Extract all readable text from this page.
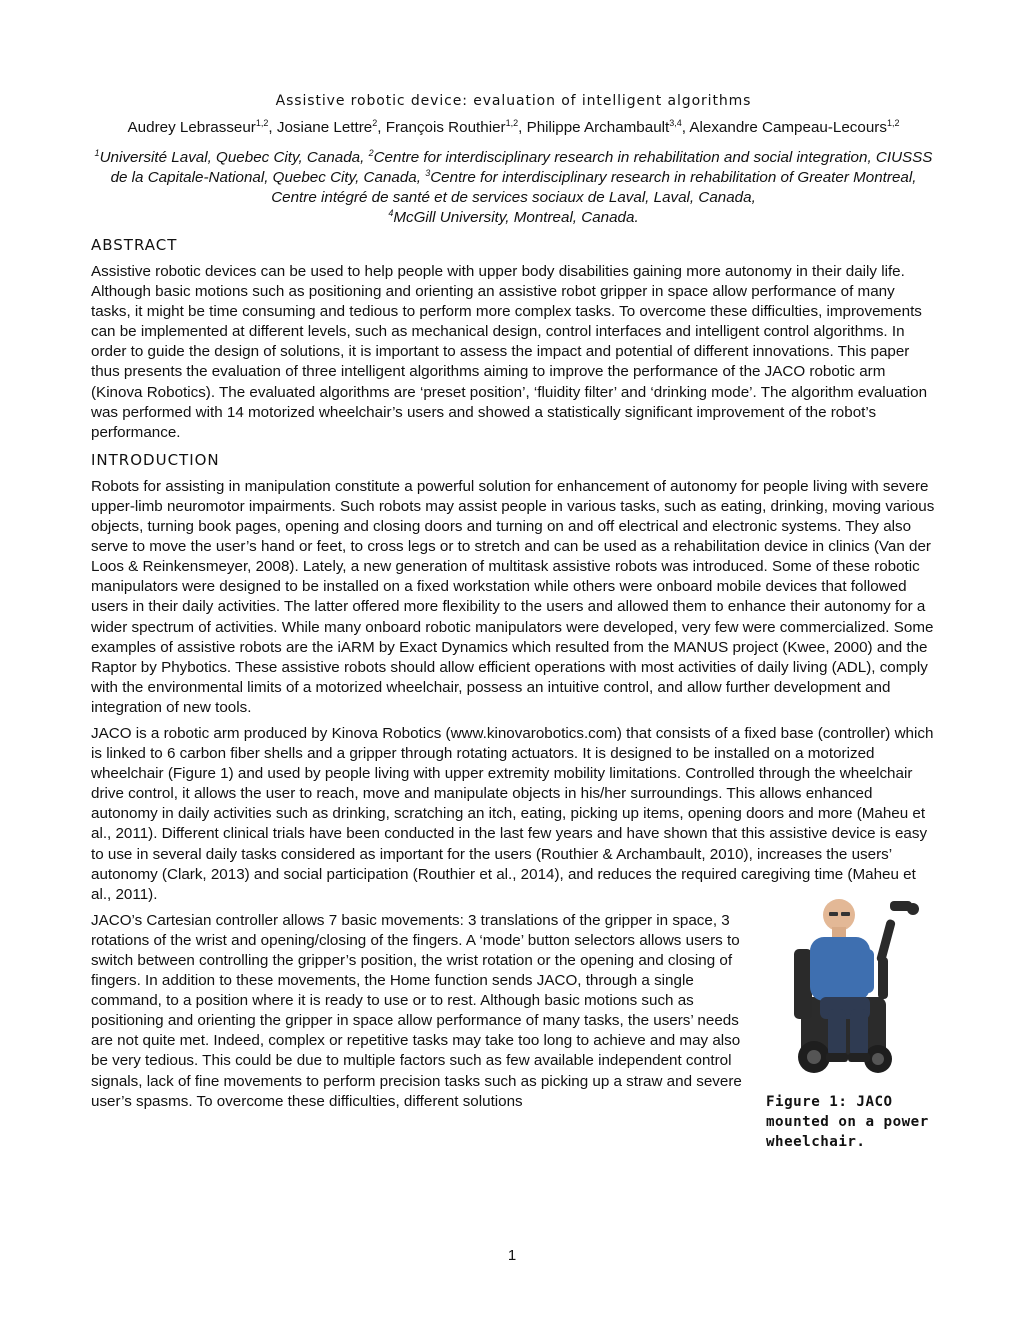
Assistive robotic device: evaluation of intelligent algorithms
Audrey Lebrasseur$^{1,2}$, Josiane Lettre$^2$, François Routhier$^{1,2}$, Philippe Archambault$^{3,4}$, Alexandre Campeau-Lecours$^{1,2}$
$^1$Université Laval, Quebec City, Canada, $^2$Centre for interdisciplinary research in rehabilitation and social integration, CIUSSS de la Capitale-National, Quebec City, Canada, $^3$Centre for interdisciplinary research in rehabilitation of Greater Montreal, Centre intégré de santé et de services sociaux de Laval, Laval, Canada,
$^4$McGill University, Montreal, Canada.
ABSTRACT

Assistive robotic devices can be used to help people with upper body disabilities gaining more autonomy in their daily life. Although basic motions such as positioning and orienting an assistive robot gripper in space allow performance of many tasks, it might be time consuming and tedious to perform more complex tasks. To overcome these difficulties, improvements can be implemented at different levels, such as mechanical design, control interfaces and intelligent control algorithms. In order to guide the design of solutions, it is important to assess the impact and potential of different innovations. This paper thus presents the evaluation of three intelligent algorithms aiming to improve the performance of the JACO robotic arm (Kinova Robotics). The evaluated algorithms are ‘preset position’, ‘fluidity filter’ and ‘drinking mode’. The algorithm evaluation was performed with 14 motorized wheelchair’s users and showed a statistically significant improvement of the robot’s performance.

INTRODUCTION

Robots for assisting in manipulation constitute a powerful solution for enhancement of autonomy for people living with severe upper-limb neuromotor impairments. Such robots may assist people in various tasks, such as eating, drinking, moving various objects, turning book pages, opening and closing doors and turning on and off electrical and electronic systems. They also serve to move the user’s hand or feet, to cross legs or to stretch and can be used as a rehabilitation device in clinics (Van der Loos & Reinkensmeyer, 2008). Lately, a new generation of multitask assistive robots was introduced. Some of these robotic manipulators were designed to be installed on a fixed workstation while others were onboard mobile devices that followed users in their daily activities. The latter offered more flexibility to the users and allowed them to enhance their autonomy for a wider spectrum of activities. While many onboard robotic manipulators were developed, very few were commercialized. Some examples of assistive robots are the iARM by Exact Dynamics which resulted from the MANUS project (Kwee, 2000) and the Raptor by Phybotics. These assistive robots should allow efficient operations with most activities of daily living (ADL), comply with the environmental limits of a motorized wheelchair, possess an intuitive control, and allow further development and integration of new tools.

JACO is a robotic arm produced by Kinova Robotics (www.kinovarobotics.com) that consists of a fixed base (controller) which is linked to 6 carbon fiber shells and a gripper through rotating actuators. It is designed to be installed on a motorized wheelchair (Figure 1) and used by people living with upper extremity mobility limitations. Controlled through the wheelchair drive control, it allows the user to reach, move and manipulate objects in his/her surroundings. This allows enhanced autonomy in daily activities such as drinking, scratching an itch, eating, picking up items, opening doors and more (Maheu et al., 2011). Different clinical trials have been conducted in the last few years and have shown that this assistive device is easy to use in several daily tasks considered as important for the users (Routhier & Archambault, 2010), increases the users’ autonomy (Clark, 2013) and social participation (Routhier et al., 2014), and reduces the required caregiving time (Maheu et al., 2011).

Figure 1: JACO mounted on a power wheelchair.

JACO’s Cartesian controller allows 7 basic movements: 3 translations of the gripper in space, 3 rotations of the wrist and opening/closing of the fingers. A ‘mode’ button selectors allows users to switch between controlling the gripper’s position, the wrist rotation or the opening and closing of fingers. In addition to these movements, the Home function sends JACO, through a single command, to a position where it is ready to use or to rest. Although basic motions such as positioning and orienting the gripper in space allow performance of many tasks, the users’ needs are not quite met. Indeed, complex or repetitive tasks may take too long to achieve and may also be very tedious. This could be due to multiple factors such as few available independent control signals, lack of fine movements to perform precision tasks such as picking up a straw and severe user’s spasms. To overcome these difficulties, different solutions

1
